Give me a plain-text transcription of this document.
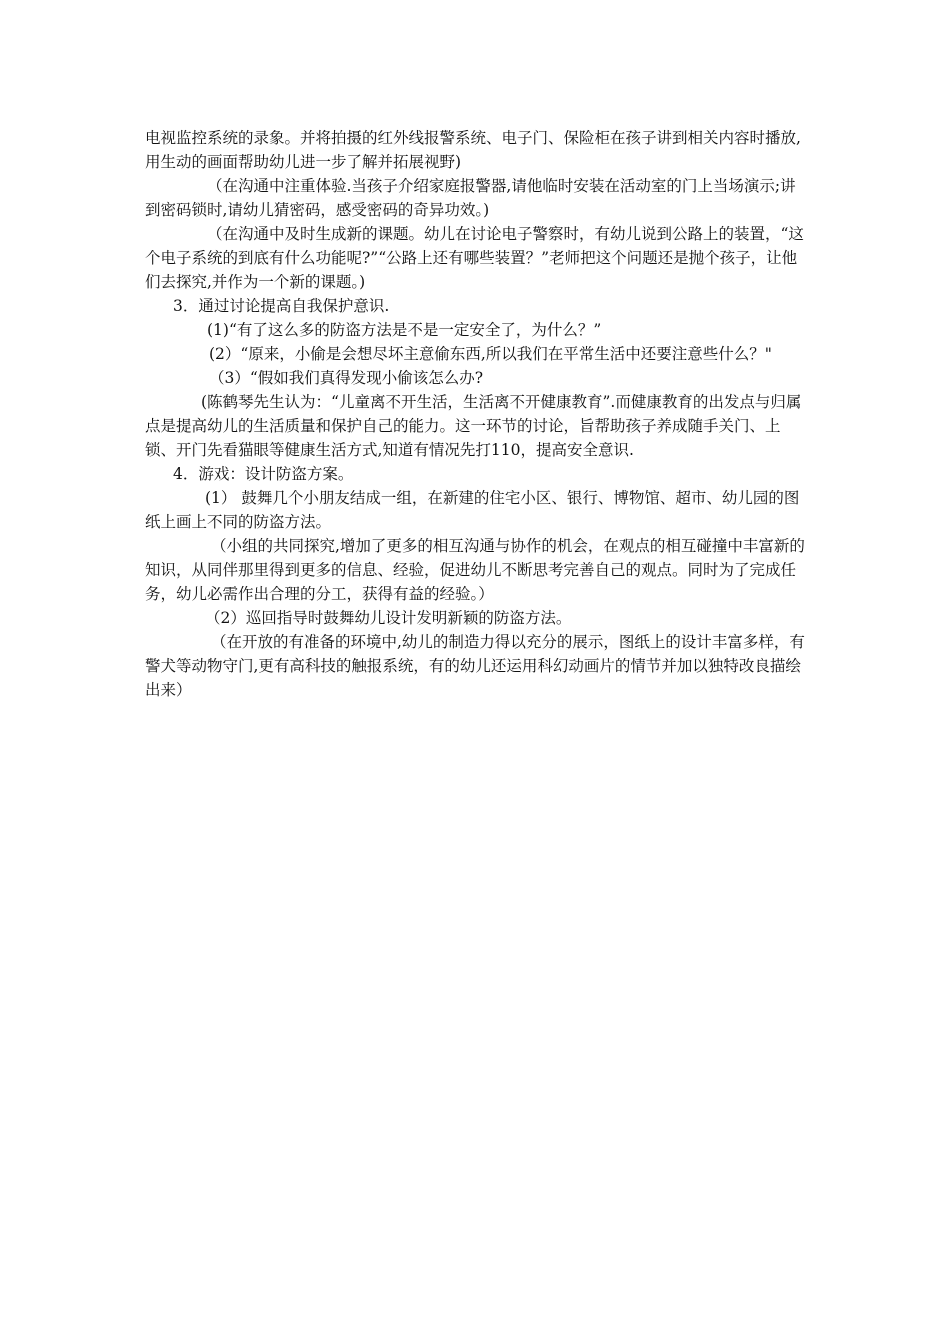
电视监控系统的录象。并将拍摄的红外线报警系统、电子门、保险柜在孩子讲到相关内容时播放,用生动的画面帮助幼儿进一步了解并拓展视野)

（在沟通中注重体验.当孩子介绍家庭报警器,请他临时安装在活动室的门上当场演示;讲到密码锁时,请幼儿猜密码，感受密码的奇异功效。)

（在沟通中及时生成新的课题。幼儿在讨论电子警察时，有幼儿说到公路上的装置，“这个电子系统的到底有什么功能呢?”“公路上还有哪些装置？”老师把这个问题还是抛个孩子，让他们去探究,并作为一个新的课题。)

3．通过讨论提高自我保护意识.

(1)“有了这么多的防盗方法是不是一定安全了，为什么？”

(2）“原来，小偷是会想尽坏主意偷东西,所以我们在平常生活中还要注意些什么？"

（3）“假如我们真得发现小偷该怎么办?

(陈鹤琴先生认为：“儿童离不开生活，生活离不开健康教育”.而健康教育的出发点与归属点是提高幼儿的生活质量和保护自己的能力。这一环节的讨论，旨帮助孩子养成随手关门、上锁、开门先看猫眼等健康生活方式,知道有情况先打110，提高安全意识.

4．游戏：设计防盗方案。

(1） 鼓舞几个小朋友结成一组，在新建的住宅小区、银行、博物馆、超市、幼儿园的图纸上画上不同的防盗方法。

（小组的共同探究,增加了更多的相互沟通与协作的机会，在观点的相互碰撞中丰富新的知识，从同伴那里得到更多的信息、经验，促进幼儿不断思考完善自己的观点。同时为了完成任务，幼儿必需作出合理的分工，获得有益的经验。）

（2）巡回指导时鼓舞幼儿设计发明新颖的防盗方法。

（在开放的有准备的环境中,幼儿的制造力得以充分的展示，图纸上的设计丰富多样，有警犬等动物守门,更有高科技的触报系统，有的幼儿还运用科幻动画片的情节并加以独特改良描绘出来）
